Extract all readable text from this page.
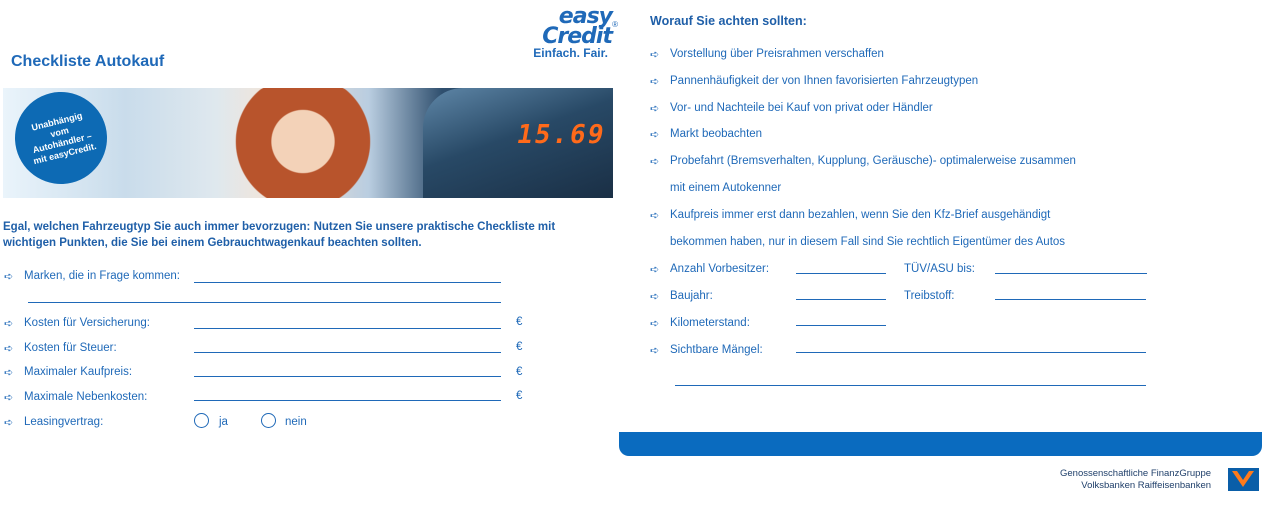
easy
Credit ®
Einfach. Fair.
Checkliste Autokauf
15.69
Unabhängig vom Autohändler – mit easyCredit.
Egal, welchen Fahrzeugtyp Sie auch immer bevorzugen: Nutzen Sie unsere praktische Checkliste mit wichtigen Punkten, die Sie bei einem Gebrauchtwagenkauf beachten sollten.
➪ Marken, die in Frage kommen:
➪ Kosten für Versicherung:	€
➪ Kosten für Steuer:	€
➪ Maximaler Kaufpreis:	€
➪ Maximale Nebenkosten:	€
➪ Leasingvertrag:	ja	nein
Worauf Sie achten sollten:
➪ Vorstellung über Preisrahmen verschaffen
➪ Pannenhäufigkeit der von Ihnen favorisierten Fahrzeugtypen
➪ Vor- und Nachteile bei Kauf von privat oder Händler
➪ Markt beobachten
➪ Probefahrt (Bremsverhalten, Kupplung, Geräusche)- optimalerweise zusammen
mit einem Autokenner
➪ Kaufpreis immer erst dann bezahlen, wenn Sie den Kfz-Brief ausgehändigt
bekommen haben, nur in diesem Fall sind Sie rechtlich Eigentümer des Autos
➪ Anzahl Vorbesitzer:	TÜV/ASU bis:
➪ Baujahr:	Treibstoff:
➪ Kilometerstand:
➪ Sichtbare Mängel:
Genossenschaftliche FinanzGruppe
Volksbanken Raiffeisenbanken
